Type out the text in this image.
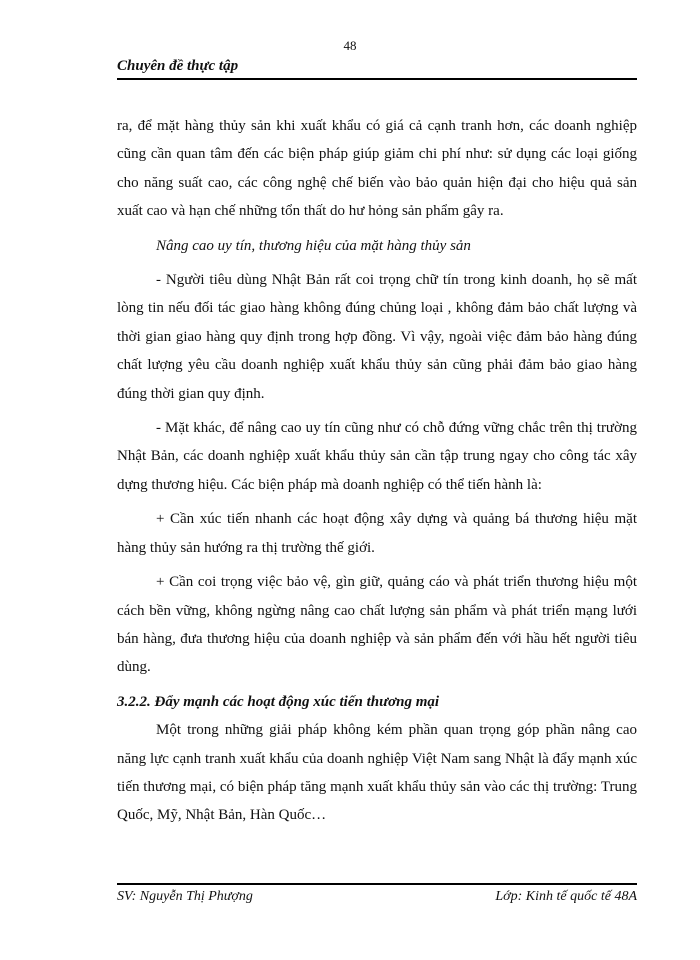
48
Chuyên đề thực tập

ra, để mặt hàng thủy sản khi xuất khẩu có giá cả cạnh tranh hơn, các doanh nghiệp cũng cần quan tâm đến các biện pháp giúp giảm chi phí như: sử dụng các loại giống cho năng suất cao, các công nghệ chế biến vào bảo quản hiện đại cho hiệu quả sản xuất cao và hạn chế những tổn thất do hư hỏng sản phẩm gây ra.

Nâng cao uy tín, thương hiệu của mặt hàng thủy sản

- Người tiêu dùng Nhật Bản rất coi trọng chữ tín trong kinh doanh, họ sẽ mất lòng tin nếu đối tác giao hàng không đúng chủng loại , không đảm bảo chất lượng và thời gian giao hàng quy định trong hợp đồng. Vì vậy, ngoài việc đảm bảo hàng đúng chất lượng yêu cầu doanh nghiệp xuất khẩu thủy sản cũng phải đảm bảo giao hàng đúng thời gian quy định.

- Mặt khác, để nâng cao uy tín cũng như có chỗ đứng vững chắc trên thị trường Nhật Bản, các doanh nghiệp xuất khẩu thủy sản cần tập trung ngay cho công tác xây dựng thương hiệu. Các biện pháp mà doanh nghiệp có thể tiến hành là:

+ Cần xúc tiến nhanh các hoạt động xây dựng và quảng bá thương hiệu mặt hàng thủy sản hướng ra thị trường thế giới.

+ Cần coi trọng việc bảo vệ, gìn giữ, quảng cáo và phát triển thương hiệu một cách bền vững, không ngừng nâng cao chất lượng sản phẩm và phát triển mạng lưới bán hàng, đưa thương hiệu của doanh nghiệp và sản phẩm đến với hầu hết người tiêu dùng.

3.2.2. Đẩy mạnh các hoạt động xúc tiến thương mại

Một trong những giải pháp không kém phần quan trọng góp phần nâng cao năng lực cạnh tranh xuất khẩu của doanh nghiệp Việt Nam sang Nhật là đẩy mạnh xúc tiến thương mại, có biện pháp tăng mạnh xuất khẩu thủy sản vào các thị trường: Trung Quốc, Mỹ, Nhật Bản, Hàn Quốc…

SV: Nguyễn Thị Phượng	Lớp: Kinh tế quốc tế 48A
